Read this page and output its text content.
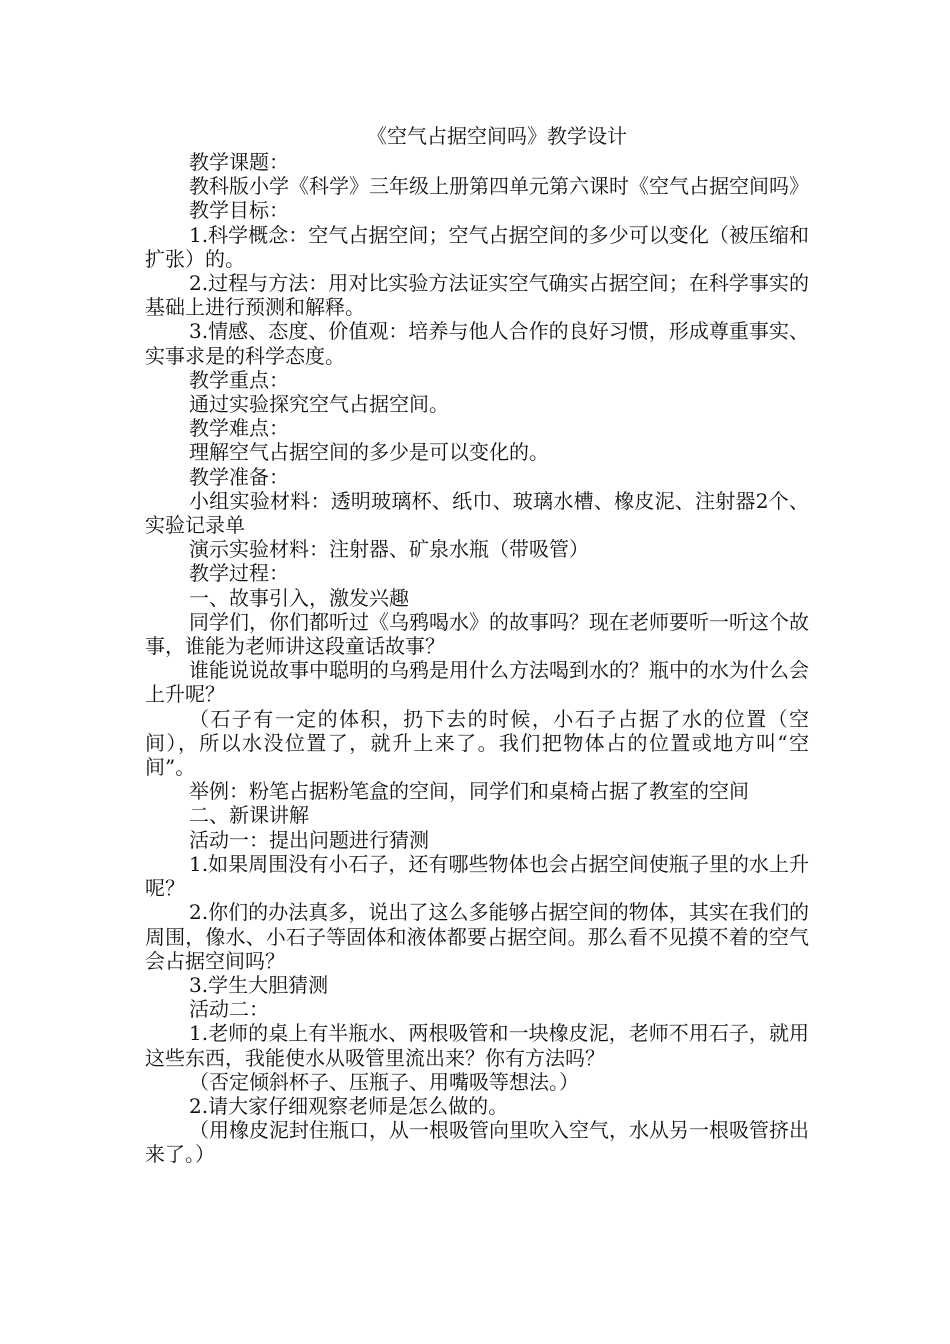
《空气占据空间吗》教学设计

教学课题：

教科版小学《科学》三年级上册第四单元第六课时《空气占据空间吗》

教学目标：

1.科学概念：空气占据空间；空气占据空间的多少可以变化（被压缩和扩张）的。

2.过程与方法：用对比实验方法证实空气确实占据空间；在科学事实的基础上进行预测和解释。

3.情感、态度、价值观：培养与他人合作的良好习惯，形成尊重事实、实事求是的科学态度。

教学重点：

通过实验探究空气占据空间。

教学难点：

理解空气占据空间的多少是可以变化的。

教学准备：

小组实验材料：透明玻璃杯、纸巾、玻璃水槽、橡皮泥、注射器2个、实验记录单

演示实验材料：注射器、矿泉水瓶（带吸管）

教学过程：

一、故事引入，激发兴趣

同学们，你们都听过《乌鸦喝水》的故事吗？现在老师要听一听这个故事，谁能为老师讲这段童话故事？

谁能说说故事中聪明的乌鸦是用什么方法喝到水的？瓶中的水为什么会上升呢？

（石子有一定的体积，扔下去的时候，小石子占据了水的位置（空间），所以水没位置了，就升上来了。我们把物体占的位置或地方叫“空间”。

举例：粉笔占据粉笔盒的空间，同学们和桌椅占据了教室的空间

二、新课讲解

活动一：提出问题进行猜测

1.如果周围没有小石子，还有哪些物体也会占据空间使瓶子里的水上升呢？

2.你们的办法真多，说出了这么多能够占据空间的物体，其实在我们的周围，像水、小石子等固体和液体都要占据空间。那么看不见摸不着的空气会占据空间吗？

3.学生大胆猜测

活动二：

1.老师的桌上有半瓶水、两根吸管和一块橡皮泥，老师不用石子，就用这些东西，我能使水从吸管里流出来？你有方法吗？

（否定倾斜杯子、压瓶子、用嘴吸等想法。）

2.请大家仔细观察老师是怎么做的。

（用橡皮泥封住瓶口，从一根吸管向里吹入空气，水从另一根吸管挤出来了。）
